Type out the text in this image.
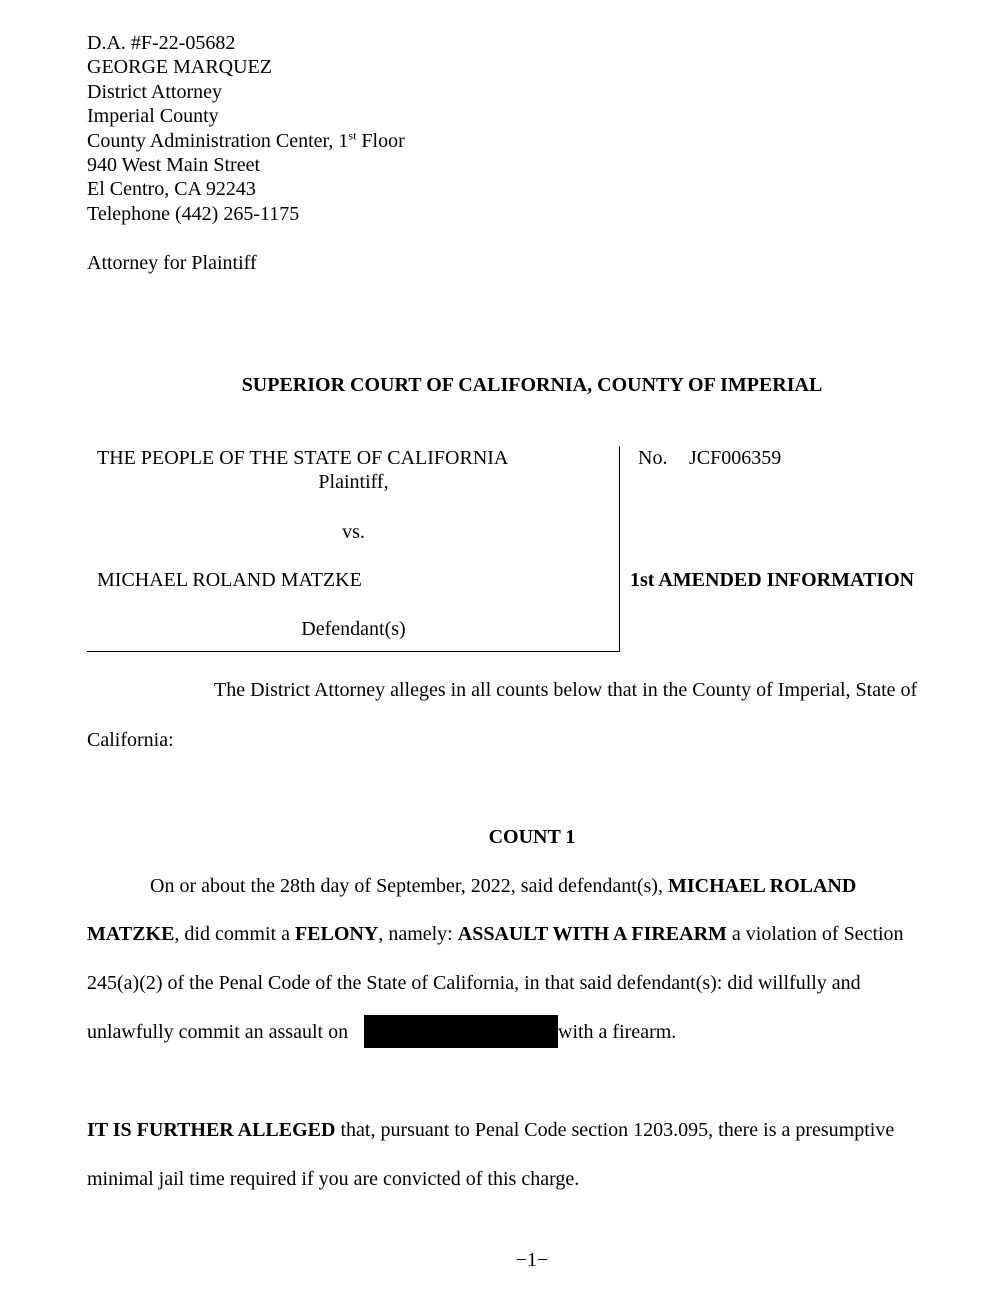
D.A. #F-22-05682
GEORGE MARQUEZ
District Attorney
Imperial County
County Administration Center, 1st Floor
940 West Main Street
El Centro, CA 92243
Telephone (442) 265-1175
Attorney for Plaintiff
SUPERIOR COURT OF CALIFORNIA, COUNTY OF IMPERIAL
THE PEOPLE OF THE STATE OF CALIFORNIA
Plaintiff,
vs.
MICHAEL ROLAND MATZKE
Defendant(s)
No. JCF006359
1st AMENDED INFORMATION
The District Attorney alleges in all counts below that in the County of Imperial, State of
California:
COUNT 1
On or about the 28th day of September, 2022, said defendant(s), MICHAEL ROLAND
MATZKE, did commit a FELONY, namely: ASSAULT WITH A FIREARM a violation of Section
245(a)(2) of the Penal Code of the State of California, in that said defendant(s): did willfully and
unlawfully commit an assault on	with a firearm.
IT IS FURTHER ALLEGED that, pursuant to Penal Code section 1203.095, there is a presumptive
minimal jail time required if you are convicted of this charge.
−1−
